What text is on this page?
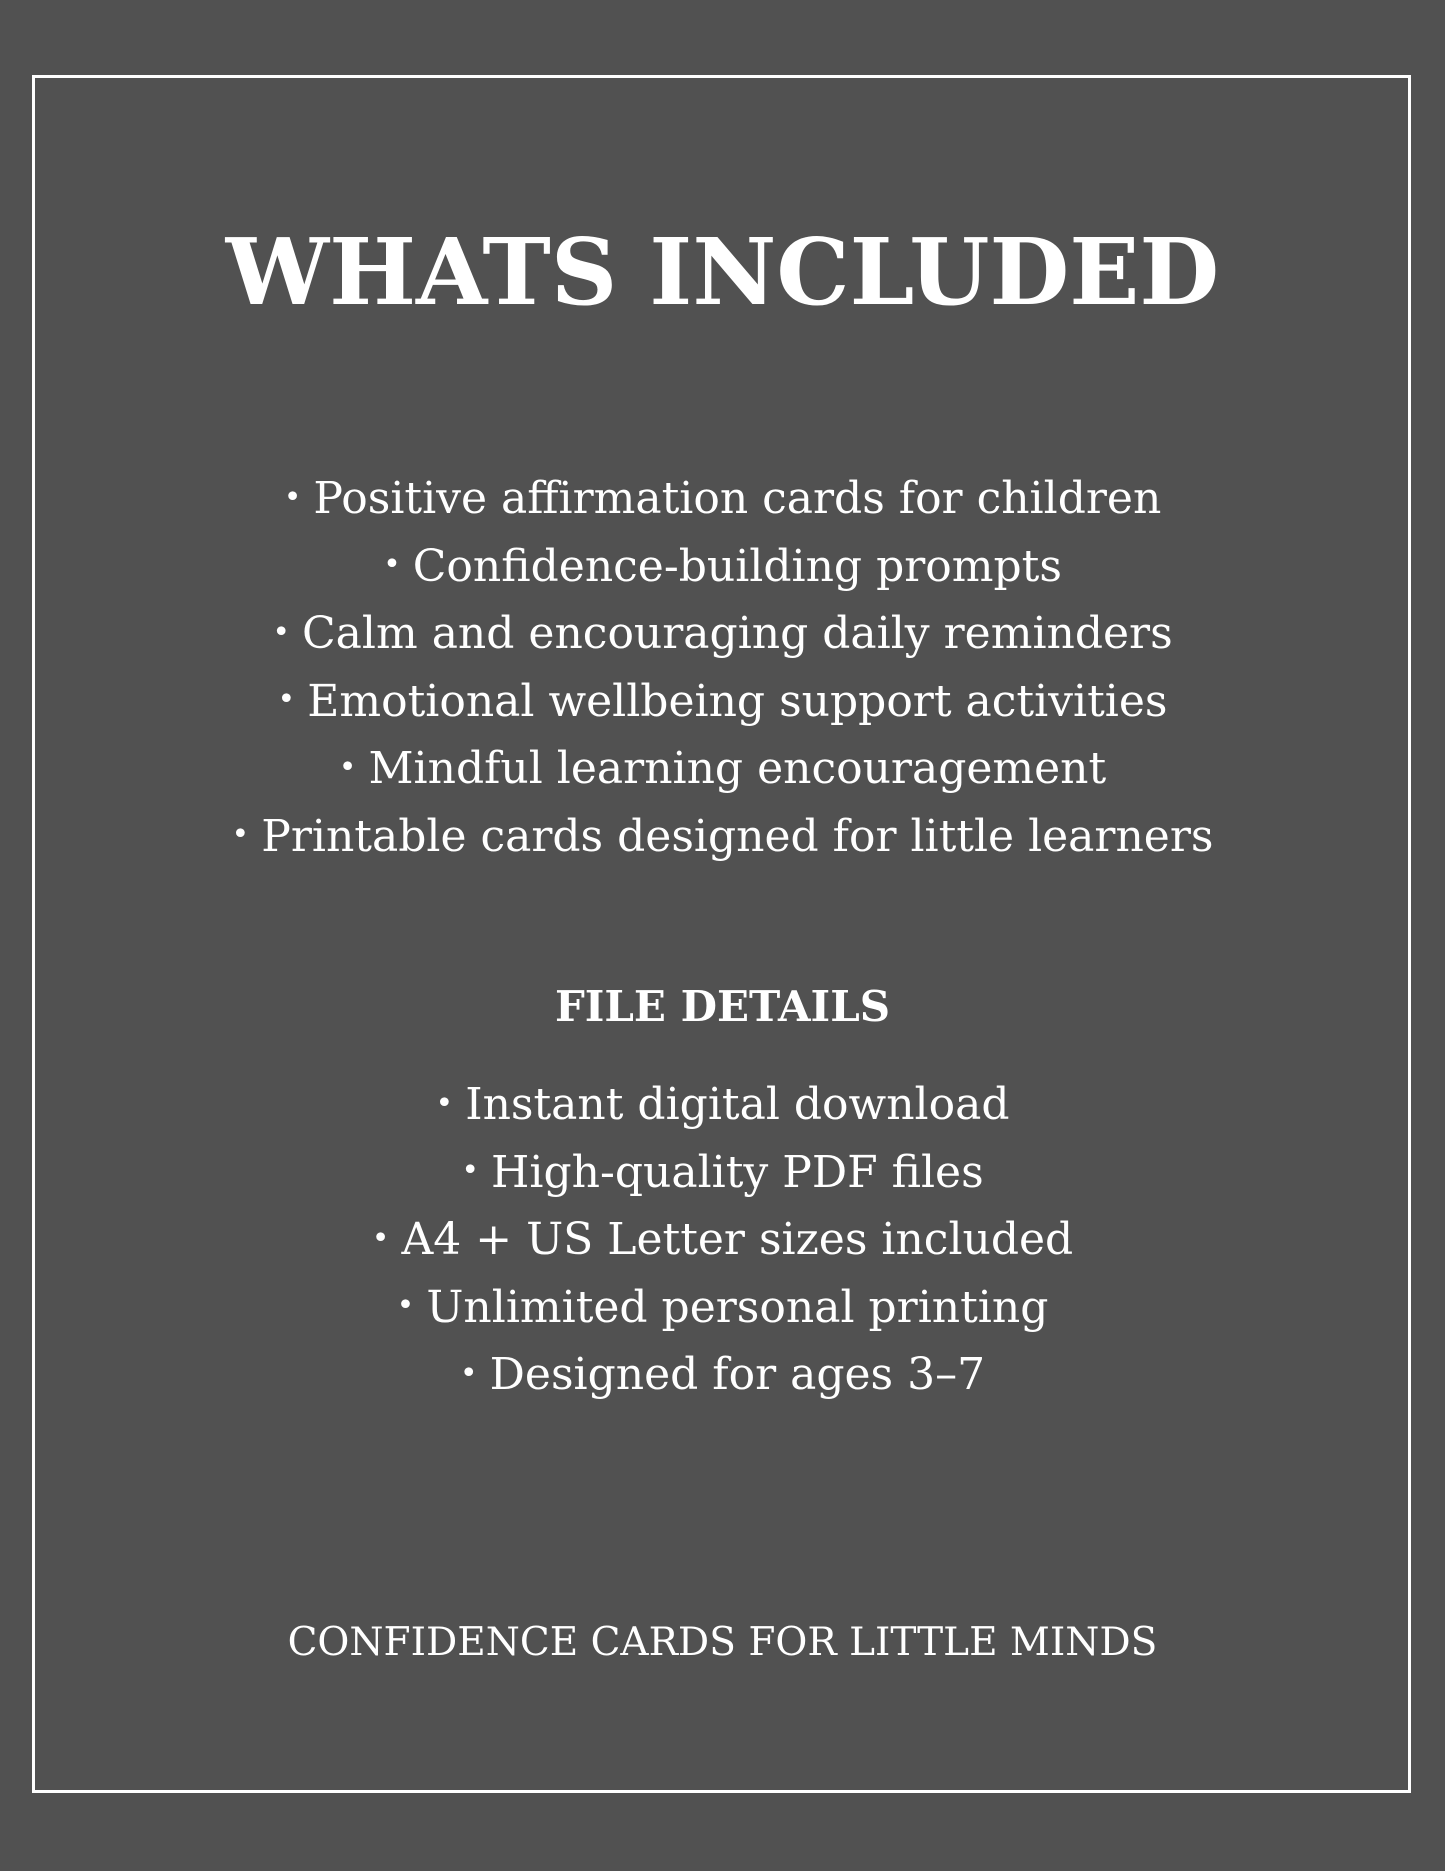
WHATS INCLUDED
• Positive affirmation cards for children
• Confidence-building prompts
• Calm and encouraging daily reminders
• Emotional wellbeing support activities
• Mindful learning encouragement
• Printable cards designed for little learners
FILE DETAILS
• Instant digital download
• High-quality PDF files
• A4 + US Letter sizes included
• Unlimited personal printing
• Designed for ages 3–7
CONFIDENCE CARDS FOR LITTLE MINDS
